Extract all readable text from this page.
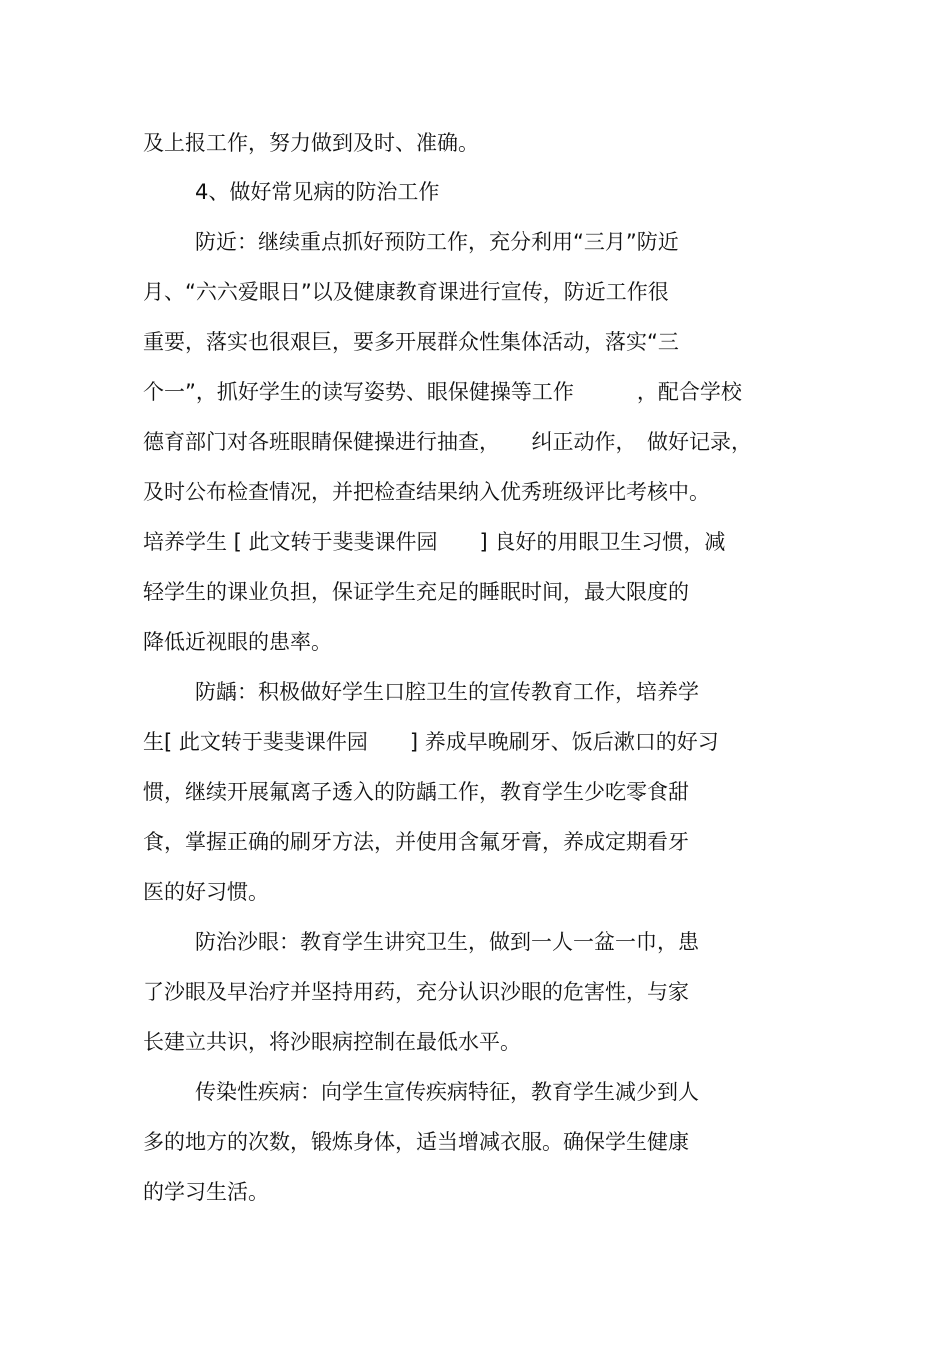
及上报工作，努力做到及时、准确。
4、做好常见病的防治工作
防近：继续重点抓好预防工作，充分利用“三月”防近
月、“六六爱眼日”以及健康教育课进行宣传，防近工作很
重要，落实也很艰巨，要多开展群众性集体活动，落实“三
个一”，抓好学生的读写姿势、眼保健操等工作　　　，配合学校
德育部门对各班眼睛保健操进行抽查，　　纠正动作，　做好记录，
及时公布检查情况，并把检查结果纳入优秀班级评比考核中。
培养学生 [ 此文转于斐斐课件园　　] 良好的用眼卫生习惯，减
轻学生的课业负担，保证学生充足的睡眠时间，最大限度的
降低近视眼的患率。
防龋：积极做好学生口腔卫生的宣传教育工作，培养学
生[ 此文转于斐斐课件园　　] 养成早晚刷牙、饭后漱口的好习
惯，继续开展氟离子透入的防龋工作，教育学生少吃零食甜
食，掌握正确的刷牙方法，并使用含氟牙膏，养成定期看牙
医的好习惯。
防治沙眼：教育学生讲究卫生，做到一人一盆一巾，患
了沙眼及早治疗并坚持用药，充分认识沙眼的危害性，与家
长建立共识，将沙眼病控制在最低水平。
传染性疾病：向学生宣传疾病特征，教育学生减少到人
多的地方的次数，锻炼身体，适当增减衣服。确保学生健康
的学习生活。
